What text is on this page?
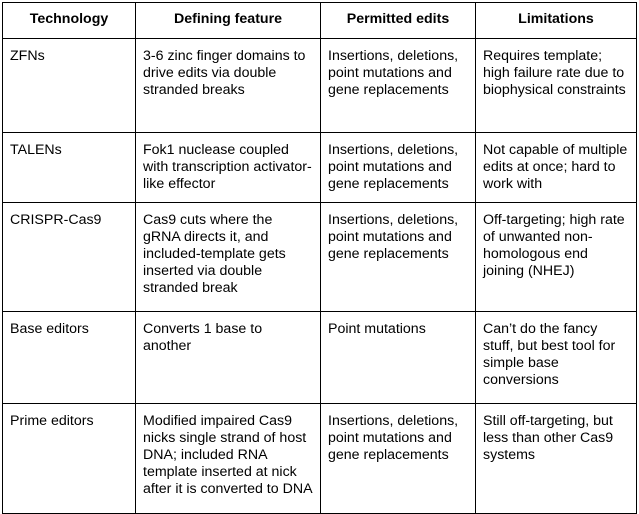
Technology	Defining feature	Permitted edits	Limitations
ZFNs	3-6 zinc finger domains to drive edits via double stranded breaks	Insertions, deletions, point mutations and gene replacements	Requires template; high failure rate due to biophysical constraints
TALENs	Fok1 nuclease coupled with transcription activator-like effector	Insertions, deletions, point mutations and gene replacements	Not capable of multiple edits at once; hard to work with
CRISPR-Cas9	Cas9 cuts where the gRNA directs it, and included-template gets inserted via double stranded break	Insertions, deletions, point mutations and gene replacements	Off-targeting; high rate of unwanted non-homologous end joining (NHEJ)
Base editors	Converts 1 base to another	Point mutations	Can’t do the fancy stuff, but best tool for simple base conversions
Prime editors	Modified impaired Cas9 nicks single strand of host DNA; included RNA template inserted at nick after it is converted to DNA	Insertions, deletions, point mutations and gene replacements	Still off-targeting, but less than other Cas9 systems
